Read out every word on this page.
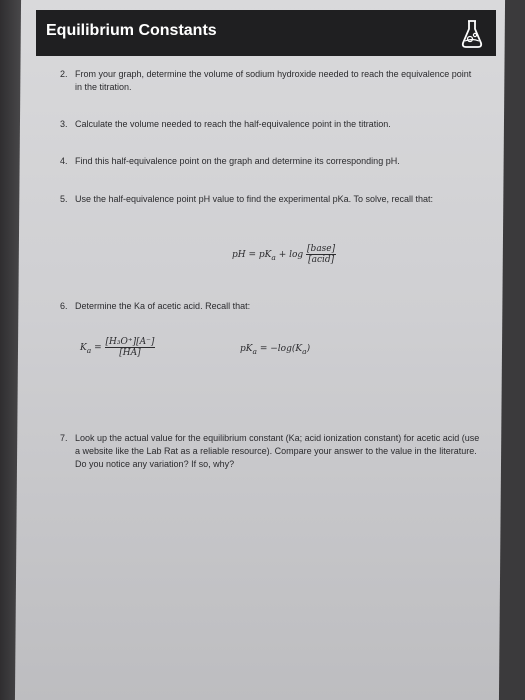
Equilibrium Constants
2. From your graph, determine the volume of sodium hydroxide needed to reach the equivalence point in the titration.
3. Calculate the volume needed to reach the half-equivalence point in the titration.
4. Find this half-equivalence point on the graph and determine its corresponding pH.
5. Use the half-equivalence point pH value to find the experimental pKa. To solve, recall that:
pH = $pK_a + \log \frac{\text{[base]}}{\text{[acid]}}$
6. Determine the Ka of acetic acid. Recall that:
$K_a = \frac{\text{[H₃O⁺][A⁻]}}{[HA]}$	$pK_a = -\log(K_a)$
7. Look up the actual value for the equilibrium constant (Ka; acid ionization constant) for acetic acid (use a website like the Lab Rat as a reliable resource). Compare your answer to the value in the literature. Do you notice any variation? If so, why?
